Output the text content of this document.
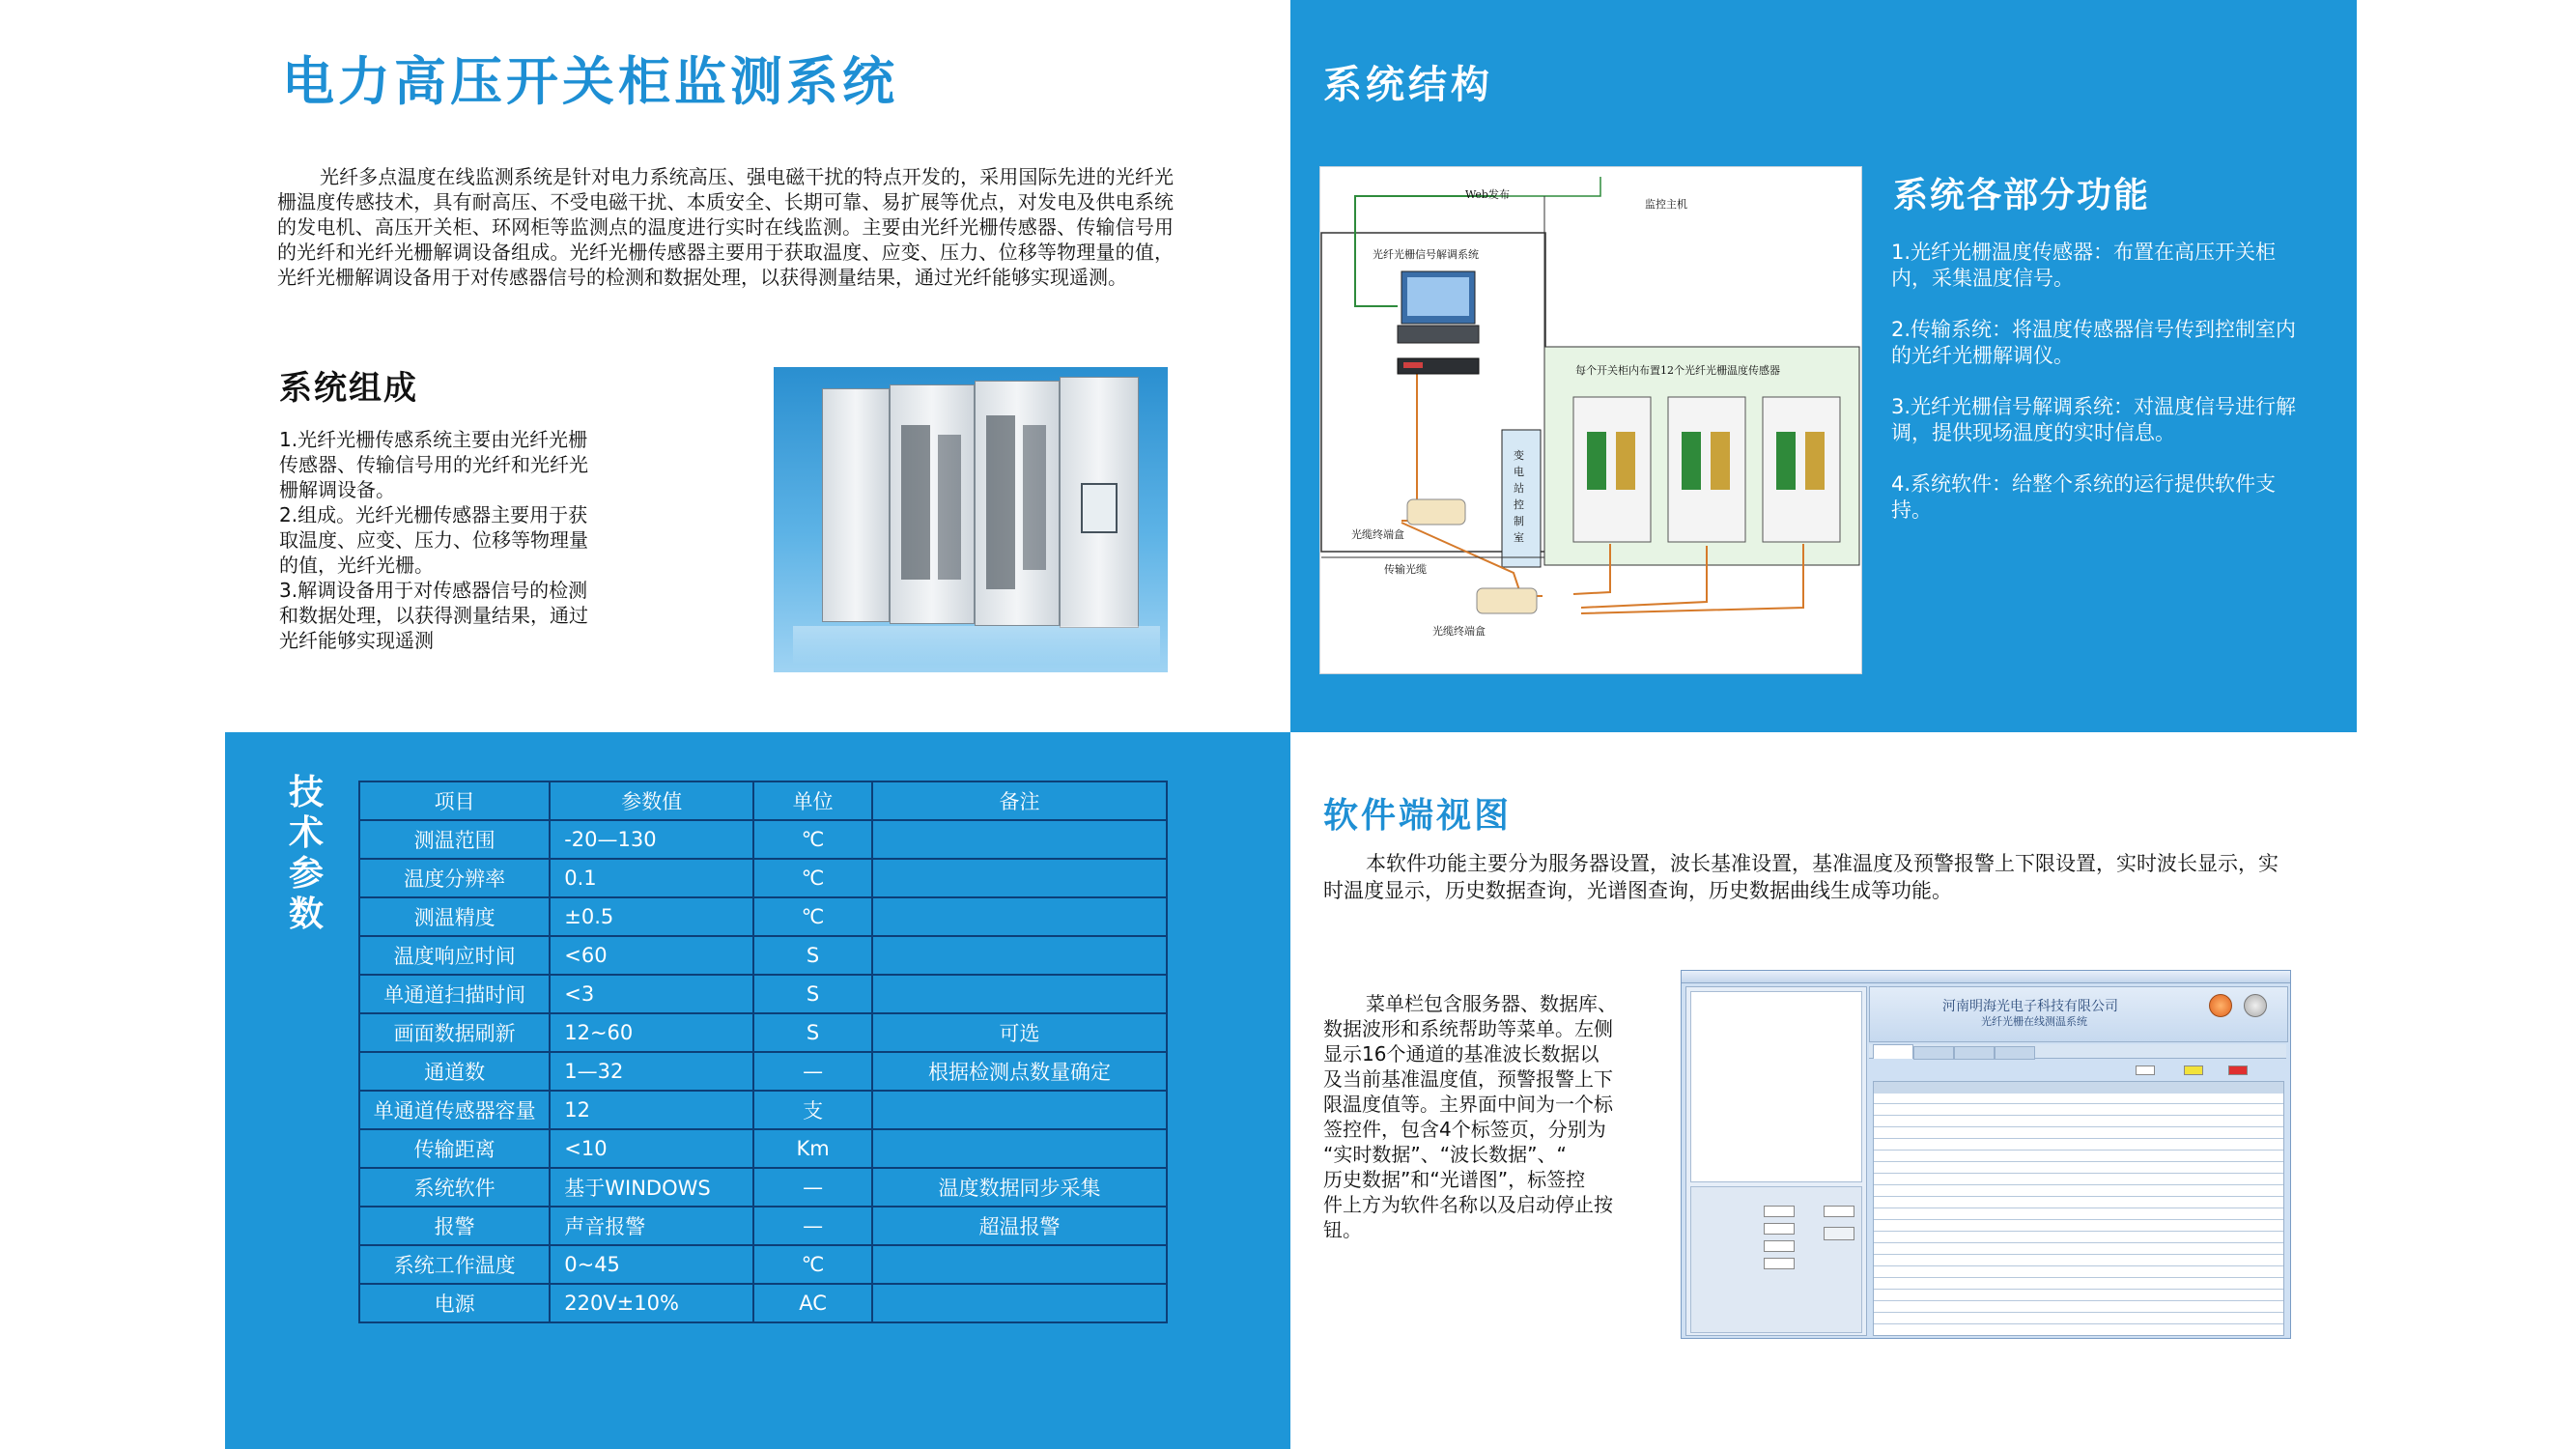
电力高压开关柜监测系统
光纤多点温度在线监测系统是针对电力系统高压、强电磁干扰的特点开发的，采用国际先进的光纤光栅温度传感技术，具有耐高压、不受电磁干扰、本质安全、长期可靠、易扩展等优点，对发电及供电系统的发电机、高压开关柜、环网柜等监测点的温度进行实时在线监测。主要由光纤光栅传感器、传输信号用的光纤和光纤光栅解调设备组成。光纤光栅传感器主要用于获取温度、应变、压力、位移等物理量的值，光纤光栅解调设备用于对传感器信号的检测和数据处理，以获得测量结果，通过光纤能够实现遥测。
系统组成
1.光纤光栅传感系统主要由光纤光栅
传感器、传输信号用的光纤和光纤光
栅解调设备。
2.组成。光纤光栅传感器主要用于获
取温度、应变、压力、位移等物理量
的值，光纤光栅。
3.解调设备用于对传感器信号的检测
和数据处理，以获得测量结果，通过
光纤能够实现遥测
系统结构
Web发布
监控主机
光纤光栅信号解调系统
每个开关柜内布置12个光纤光栅温度传感器
变电站控制室
光缆终端盒
传输光缆
光缆终端盒
系统各部分功能
1.光纤光栅温度传感器：布置在高压开关柜内，采集温度信号。
2.传输系统：将温度传感器信号传到控制室内的光纤光栅解调仪。
3.光纤光栅信号解调系统：对温度信号进行解调，提供现场温度的实时信息。
4.系统软件：给整个系统的运行提供软件支持。
技
术
参
数
项目	参数值	单位	备注
测温范围	-20—130	℃	
温度分辨率	0.1	℃	
测温精度	±0.5	℃	
温度响应时间	<60	S	
单通道扫描时间	<3	S	
画面数据刷新	12~60	S	可选
通道数	1—32	—	根据检测点数量确定
单通道传感器容量	12	支	
传输距离	<10	Km	
系统软件	基于WINDOWS	—	温度数据同步采集
报警	声音报警	—	超温报警
系统工作温度	0~45	℃	
电源	220V±10%	AC	
软件端视图
本软件功能主要分为服务器设置，波长基准设置，基准温度及预警报警上下限设置，实时波长显示，实时温度显示，历史数据查询，光谱图查询，历史数据曲线生成等功能。
菜单栏包含服务器、数据库、
数据波形和系统帮助等菜单。左侧
显示16个通道的基准波长数据以
及当前基准温度值，预警报警上下
限温度值等。主界面中间为一个标
签控件，包含4个标签页，分别为
“实时数据”、“波长数据”、“
历史数据”和“光谱图”，标签控
件上方为软件名称以及启动停止按
钮。
河南明海光电子科技有限公司
光纤光栅在线测温系统
